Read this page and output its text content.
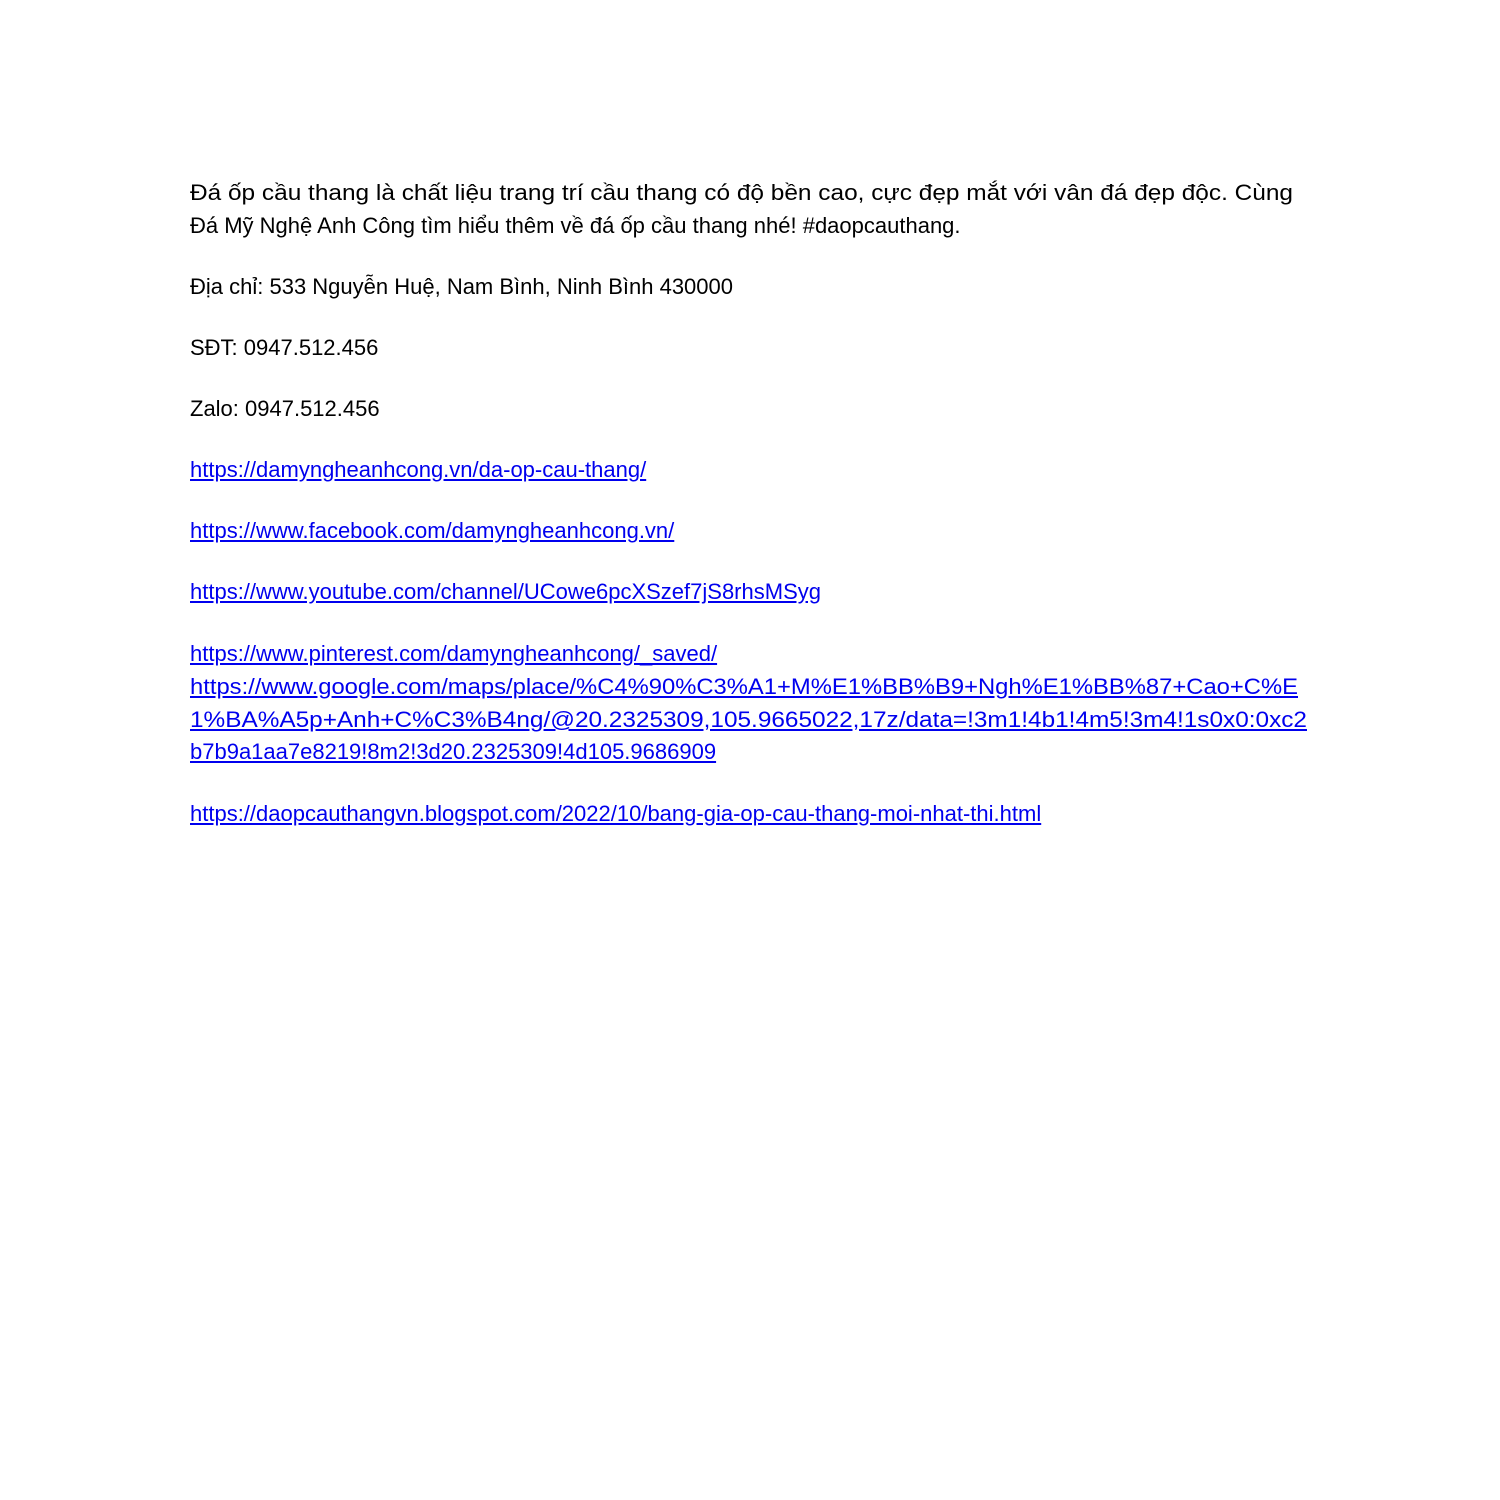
Đá ốp cầu thang là chất liệu trang trí cầu thang có độ bền cao, cực đẹp mắt với vân đá đẹp độc. Cùng
Đá Mỹ Nghệ Anh Công tìm hiểu thêm về đá ốp cầu thang nhé! #daopcauthang.
Địa chỉ: 533 Nguyễn Huệ, Nam Bình, Ninh Bình 430000
SĐT: 0947.512.456
Zalo: 0947.512.456
https://damyngheanhcong.vn/da-op-cau-thang/
https://www.facebook.com/damyngheanhcong.vn/
https://www.youtube.com/channel/UCowe6pcXSzef7jS8rhsMSyg
https://www.pinterest.com/damyngheanhcong/_saved/
https://www.google.com/maps/place/%C4%90%C3%A1+M%E1%BB%B9+Ngh%E1%BB%87+Cao+C%E
1%BA%A5p+Anh+C%C3%B4ng/@20.2325309,105.9665022,17z/data=!3m1!4b1!4m5!3m4!1s0x0:0xc2
b7b9a1aa7e8219!8m2!3d20.2325309!4d105.9686909
https://daopcauthangvn.blogspot.com/2022/10/bang-gia-op-cau-thang-moi-nhat-thi.html
